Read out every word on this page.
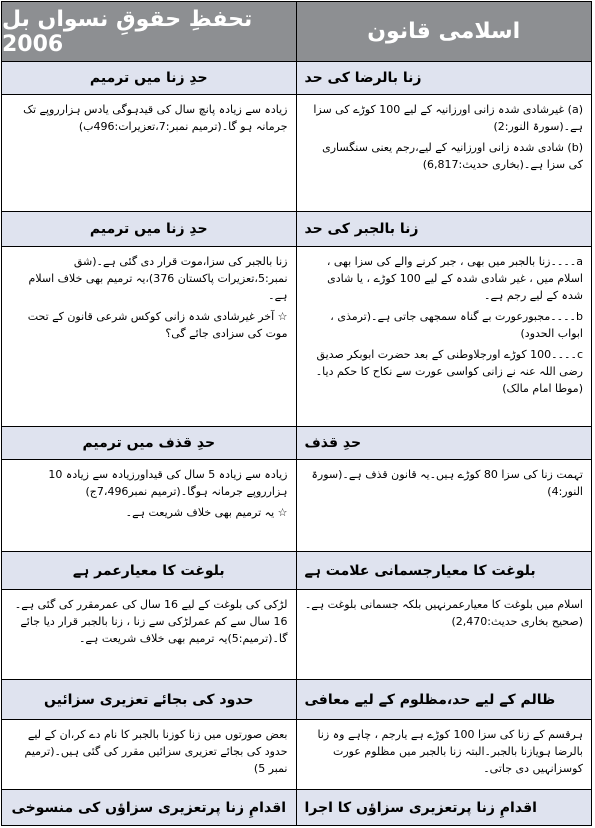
اسلامی قانون
تحفظِ حقوقِ نسواں بل 2006
زنا بالرضا کی حد
حدِ زنا میں ترمیم

(a) غیرشادی شدہ زانی اورزانیہ کے لیے 100 کوڑے کی سزا ہے۔(سورۃ النور:2)

(b) شادی شدہ زانی اورزانیہ کے لیے،رجم یعنی سنگساری کی سزا ہے۔(بخاری حدیث:6,817)

زیادہ سے زیادہ پانچ سال کی قیدہوگی یادس ہزارروپے تک جرمانہ ہو گا۔(ترمیم نمبر:7،تعزیرات:496ب)

زنا بالجبر کی حد
حدِ زنا میں ترمیم

a۔۔۔۔زنا بالجبر میں بھی ، جبر کرنے والے کی سزا بھی ، اسلام میں ، غیر شادی شدہ کے لیے 100 کوڑے ، یا شادی شدہ کے لیے رجم ہے۔

b۔۔۔۔مجبورعورت بے گناہ سمجھی جاتی ہے۔(ترمذی ، ابواب الحدود)

c۔۔۔۔100 کوڑے اورجلاوطنی کے بعد حضرت ابوبکر صدیق رضی اللہ عنہ نے زانی کواسی عورت سے نکاح کا حکم دیا۔(موطا امام مالک)

زنا بالجبر کی سزا،موت قرار دی گئی ہے۔(شق نمبر:5،تعزیرات پاکستان 376)،یہ ترمیم بھی خلاف اسلام ہے۔

☆ آخر غیرشادی شدہ زانی کوکس شرعی قانون کے تحت موت کی سزادی جائے گی؟

حدِ قذف
حدِ قذف میں ترمیم

تہمت زنا کی سزا 80 کوڑے ہیں۔یہ قانون قذف ہے۔(سورۃ النور:4)

زیادہ سے زیادہ 5 سال کی قیداورزیادہ سے زیادہ 10 ہزارروپے جرمانہ ہوگا۔(ترمیم نمبر7،496ج)

☆ یہ ترمیم بھی خلاف شریعت ہے۔

بلوغت کا معیارجسمانی علامت ہے
بلوغت کا معیارعمر ہے

اسلام میں بلوغت کا معیارعمرنہیں بلکہ جسمانی بلوغت ہے۔(صحیح بخاری حدیث:2,470)

لڑکی کی بلوغت کے لیے 16 سال کی عمرمقرر کی گئی ہے۔16 سال سے کم عمرلڑکی سے زنا ، زنا بالجبر قرار دیا جائے گا۔(ترمیم:5)یہ ترمیم بھی خلاف شریعت ہے۔

ظالم کے لیے حد،مظلوم کے لیے معافی
حدود کی بجائے تعزیری سزائیں

ہرقسم کے زنا کی سزا 100 کوڑے ہے یارجم ، چاہے وہ زنا بالرضا ہویازنا بالجبر۔البتہ زنا بالجبر میں مظلوم عورت کوسزانہیں دی جاتی۔

بعض صورتوں میں زنا کوزنا بالجبر کا نام دے کر،ان کے لیے حدود کی بجائے تعزیری سزائیں مقرر کی گئی ہیں۔(ترمیم نمبر 5)

اقدامِ زنا پرتعزیری سزاؤں کا اجرا
اقدامِ زنا پرتعزیری سزاؤں کی منسوخی
